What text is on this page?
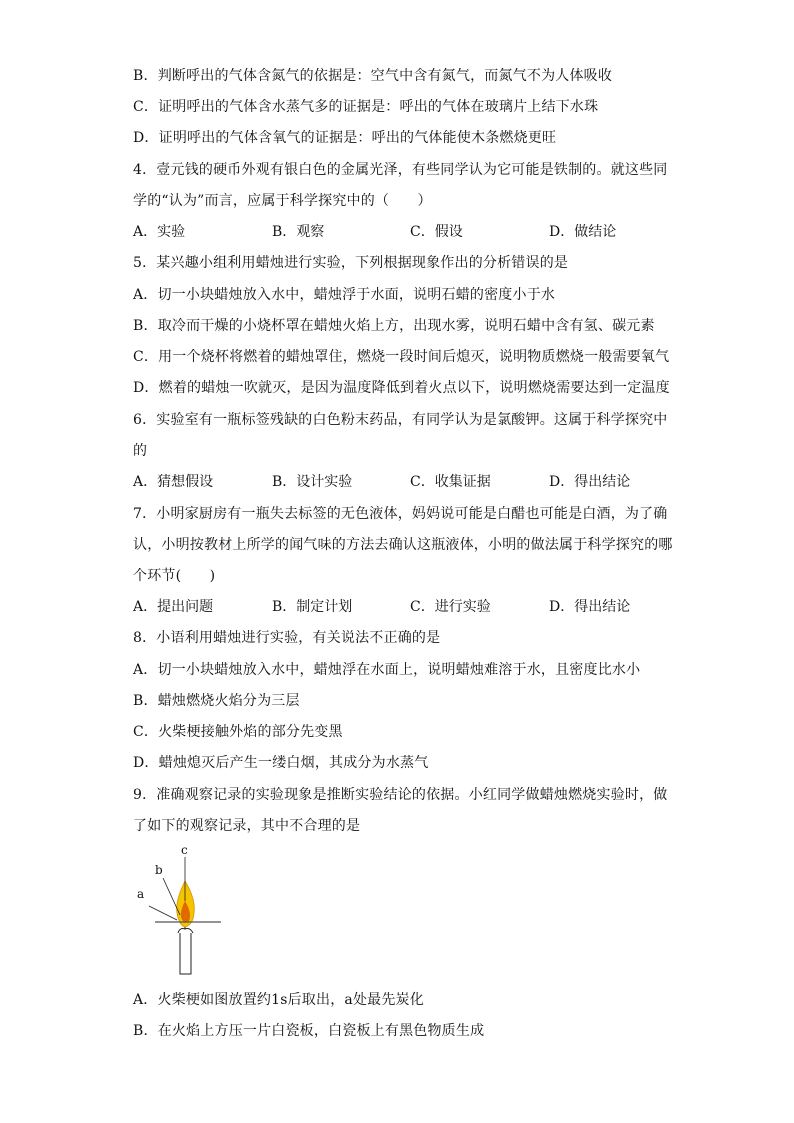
B．判断呼出的气体含氮气的依据是：空气中含有氮气，而氮气不为人体吸收
C．证明呼出的气体含水蒸气多的证据是：呼出的气体在玻璃片上结下水珠
D．证明呼出的气体含氧气的证据是：呼出的气体能使木条燃烧更旺
4．壹元钱的硬币外观有银白色的金属光泽，有些同学认为它可能是铁制的。就这些同
学的“认为”而言，应属于科学探究中的（　　）
A．实验	B．观察	C．假设	D．做结论
5．某兴趣小组利用蜡烛进行实验，下列根据现象作出的分析错误的是
A．切一小块蜡烛放入水中，蜡烛浮于水面，说明石蜡的密度小于水
B．取冷而干燥的小烧杯罩在蜡烛火焰上方，出现水雾，说明石蜡中含有氢、碳元素
C．用一个烧杯将燃着的蜡烛罩住，燃烧一段时间后熄灭，说明物质燃烧一般需要氧气
D．燃着的蜡烛一吹就灭，是因为温度降低到着火点以下，说明燃烧需要达到一定温度
6．实验室有一瓶标签残缺的白色粉末药品，有同学认为是氯酸钾。这属于科学探究中
的
A．猜想假设	B．设计实验	C．收集证据	D．得出结论
7．小明家厨房有一瓶失去标签的无色液体，妈妈说可能是白醋也可能是白酒，为了确
认，小明按教材上所学的闻气味的方法去确认这瓶液体，小明的做法属于科学探究的哪
个环节(　　)
A．提出问题	B．制定计划	C．进行实验	D．得出结论
8．小语利用蜡烛进行实验，有关说法不正确的是
A．切一小块蜡烛放入水中，蜡烛浮在水面上，说明蜡烛难溶于水，且密度比水小
B．蜡烛燃烧火焰分为三层
C．火柴梗接触外焰的部分先变黑
D．蜡烛熄灭后产生一缕白烟，其成分为水蒸气
9．准确观察记录的实验现象是推断实验结论的依据。小红同学做蜡烛燃烧实验时，做
了如下的观察记录，其中不合理的是
a
b
c
A．火柴梗如图放置约1s后取出，a处最先炭化
B．在火焰上方压一片白瓷板，白瓷板上有黑色物质生成
